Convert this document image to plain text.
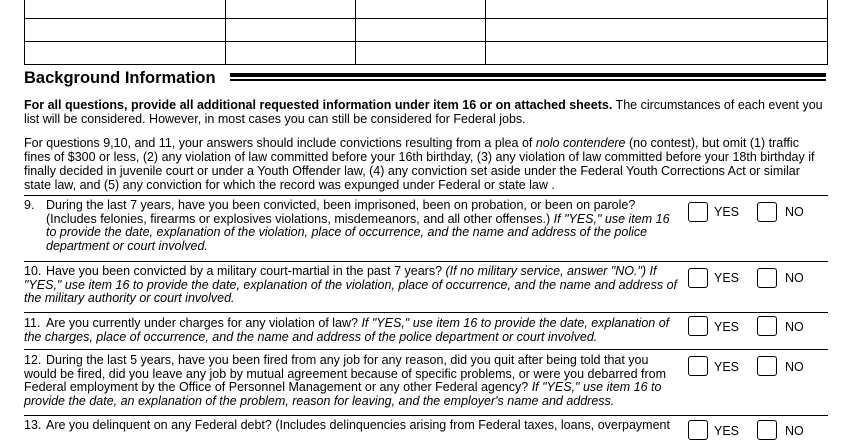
Background Information
For all questions, provide all additional requested information under item 16 or on attached sheets. The circumstances of each event you list will be considered. However, in most cases you can still be considered for Federal jobs.
For questions 9,10, and 11, your answers should include convictions resulting from a plea of nolo contendere (no contest), but omit (1) traffic fines of $300 or less, (2) any violation of law committed before your 16th birthday, (3) any violation of law committed before your 18th birthday if finally decided in juvenile court or under a Youth Offender law, (4) any conviction set aside under the Federal Youth Corrections Act or similar state law, and (5) any conviction for which the record was expunged under Federal or state law .
9. During the last 7 years, have you been convicted, been imprisoned, been on probation, or been on parole?
(Includes felonies, firearms or explosives violations, misdemeanors, and all other offenses.) If "YES," use item 16 to provide the date, explanation of the violation, place of occurrence, and the name and address of the police department or court involved.
YES	NO
10. Have you been convicted by a military court-martial in the past 7 years? (If no military service, answer "NO.") If "YES," use item 16 to provide the date, explanation of the violation, place of occurrence, and the name and address of the military authority or court involved.
YES	NO
11. Are you currently under charges for any violation of law? If "YES," use item 16 to provide the date, explanation of the charges, place of occurrence, and the name and address of the police department or court involved.
YES	NO
12. During the last 5 years, have you been fired from any job for any reason, did you quit after being told that you would be fired, did you leave any job by mutual agreement because of specific problems, or were you debarred from Federal employment by the Office of Personnel Management or any other Federal agency? If "YES," use item 16 to provide the date, an explanation of the problem, reason for leaving, and the employer's name and address.
YES	NO
13. Are you delinquent on any Federal debt? (Includes delinquencies arising from Federal taxes, loans, overpayment	YES	NO
